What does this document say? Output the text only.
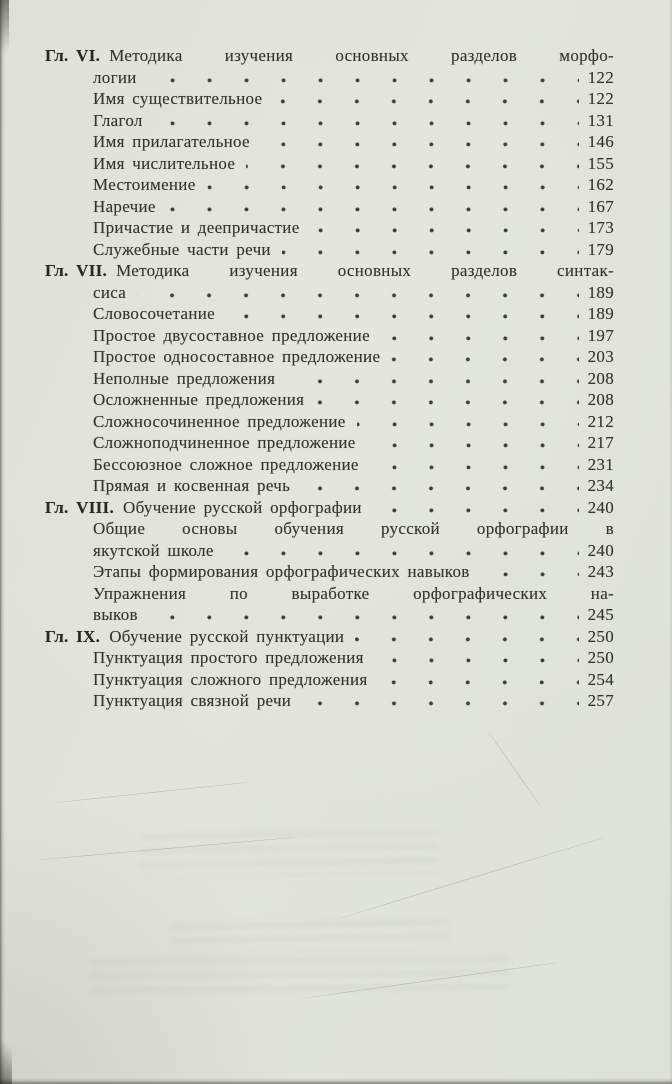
Гл. VI. Методика изучения основных разделов морфо-
логии	122
Имя существительное	122
Глагол	131
Имя прилагательное	146
Имя числительное	155
Местоимение	162
Наречие	167
Причастие и деепричастие	173
Служебные части речи	179
Гл. VII. Методика изучения основных разделов синтак-
сиса	189
Словосочетание	189
Простое двусоставное предложение	197
Простое односоставное предложение	203
Неполные предложения	208
Осложненные предложения	208
Сложносочиненное предложение	212
Сложноподчиненное предложение	217
Бессоюзное сложное предложение	231
Прямая и косвенная речь	234
Гл. VIII. Обучение русской орфографии	240
Общие основы обучения русской орфографии в
якутской школе	240
Этапы формирования орфографических навыков	243
Упражнения по выработке орфографических на-
выков	245
Гл. IX. Обучение русской пунктуации	250
Пунктуация простого предложения	250
Пунктуация сложного предложения	254
Пунктуация связной речи	257
